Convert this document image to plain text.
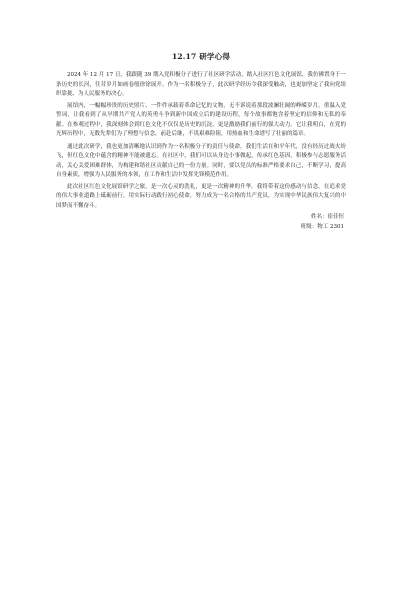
12.17 研学心得

2024 年 12 月 17 日，我跟随 39 期入党积极分子进行了社区研学活动，踏入社区红色文化展馆，我仿佛置身于一条历史的长河，往昔岁月如画卷般徐徐展开。作为一名积极分子，此次研学经历令我深受触动，也更加坚定了我向党组织靠拢、为人民服务的决心。

展馆内，一幅幅珍贵的历史照片、一件件承载着革命记忆的文物，无不诉说着那段波澜壮阔的峥嵘岁月。重温入党誓词，让我看到了从早期共产党人的英勇斗争到新中国成立后的建设历程，每个故事都饱含着坚定的信仰和无私的奉献。在参观过程中，我深刻体会到红色文化不仅仅是历史的沉淀，更是激励我们前行的强大动力。它让我明白，在党的光辉历程中，无数先辈们为了理想与信念，前赴后继，不畏艰难险阻，用热血和生命谱写了壮丽的篇章。

通过此次研学，我也更加清晰地认识到作为一名积极分子的责任与使命。我们生活在和平年代，没有经历过战火纷飞，但红色文化中蕴含的精神不能被遗忘。在社区中，我们可以从身边小事做起，传承红色基因，积极参与志愿服务活动，关心关爱困难群体，为构建和谐社区贡献自己的一份力量。同时，要以党员的标准严格要求自己，不断学习，提高自身素质，增强为人民服务的本领，在工作和生活中发挥先锋模范作用。

此次社区红色文化展馆研学之旅，是一次心灵的洗礼，更是一次精神的升华。我将带着这份感动与信念，在追求党的伟大事业道路上砥砺前行，用实际行动践行初心使命，努力成为一名合格的共产党员，为实现中华民族伟大复兴的中国梦而不懈奋斗。

姓名：崔佳恒
班级：物工 2301
